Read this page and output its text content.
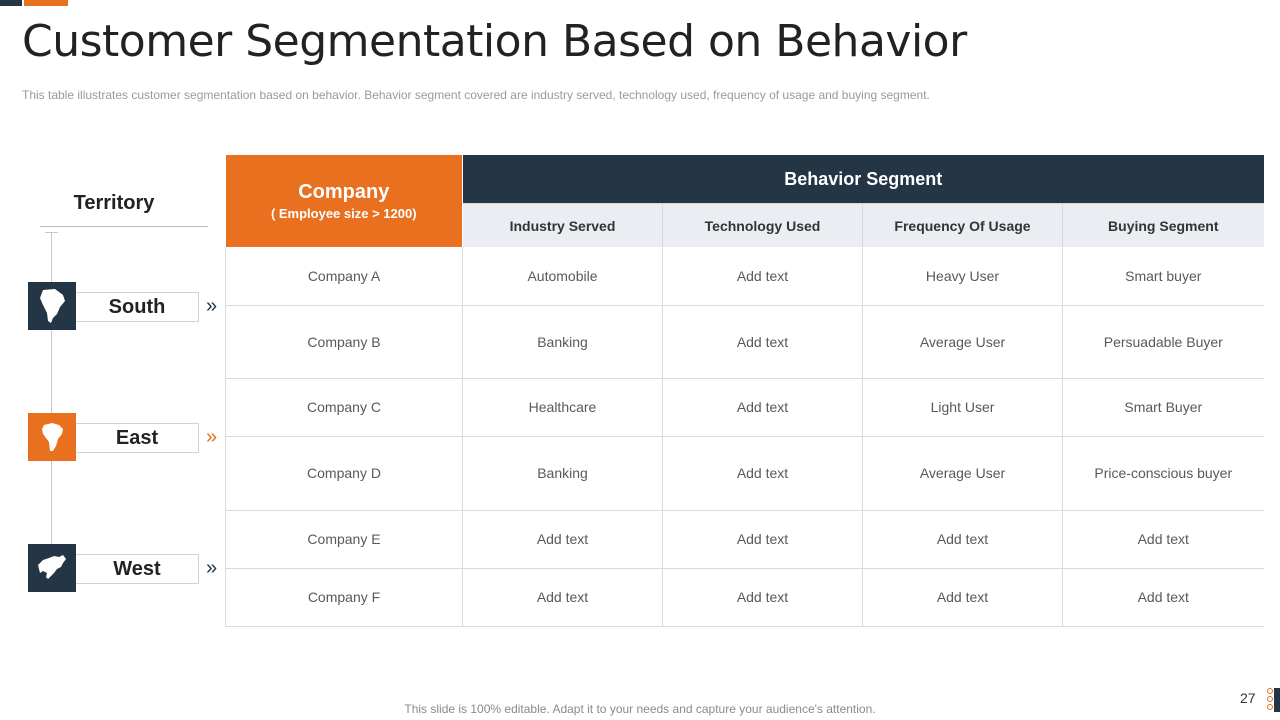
Customer Segmentation Based on Behavior

This table illustrates customer segmentation based on behavior. Behavior segment covered are industry served, technology used, frequency of usage and buying segment.

Territory
South	»
East	»
West	»
Company
( Employee size > 1200)	Behavior Segment			
	Industry Served	Technology Used	Frequency Of Usage	Buying Segment
Company A	Automobile	Add text	Heavy User	Smart buyer
Company B	Banking	Add text	Average User	Persuadable Buyer
Company C	Healthcare	Add text	Light User	Smart Buyer
Company D	Banking	Add text	Average User	Price-conscious buyer
Company E	Add text	Add text	Add text	Add text
Company F	Add text	Add text	Add text	Add text
This slide is 100% editable. Adapt it to your needs and capture your audience's attention.
27
